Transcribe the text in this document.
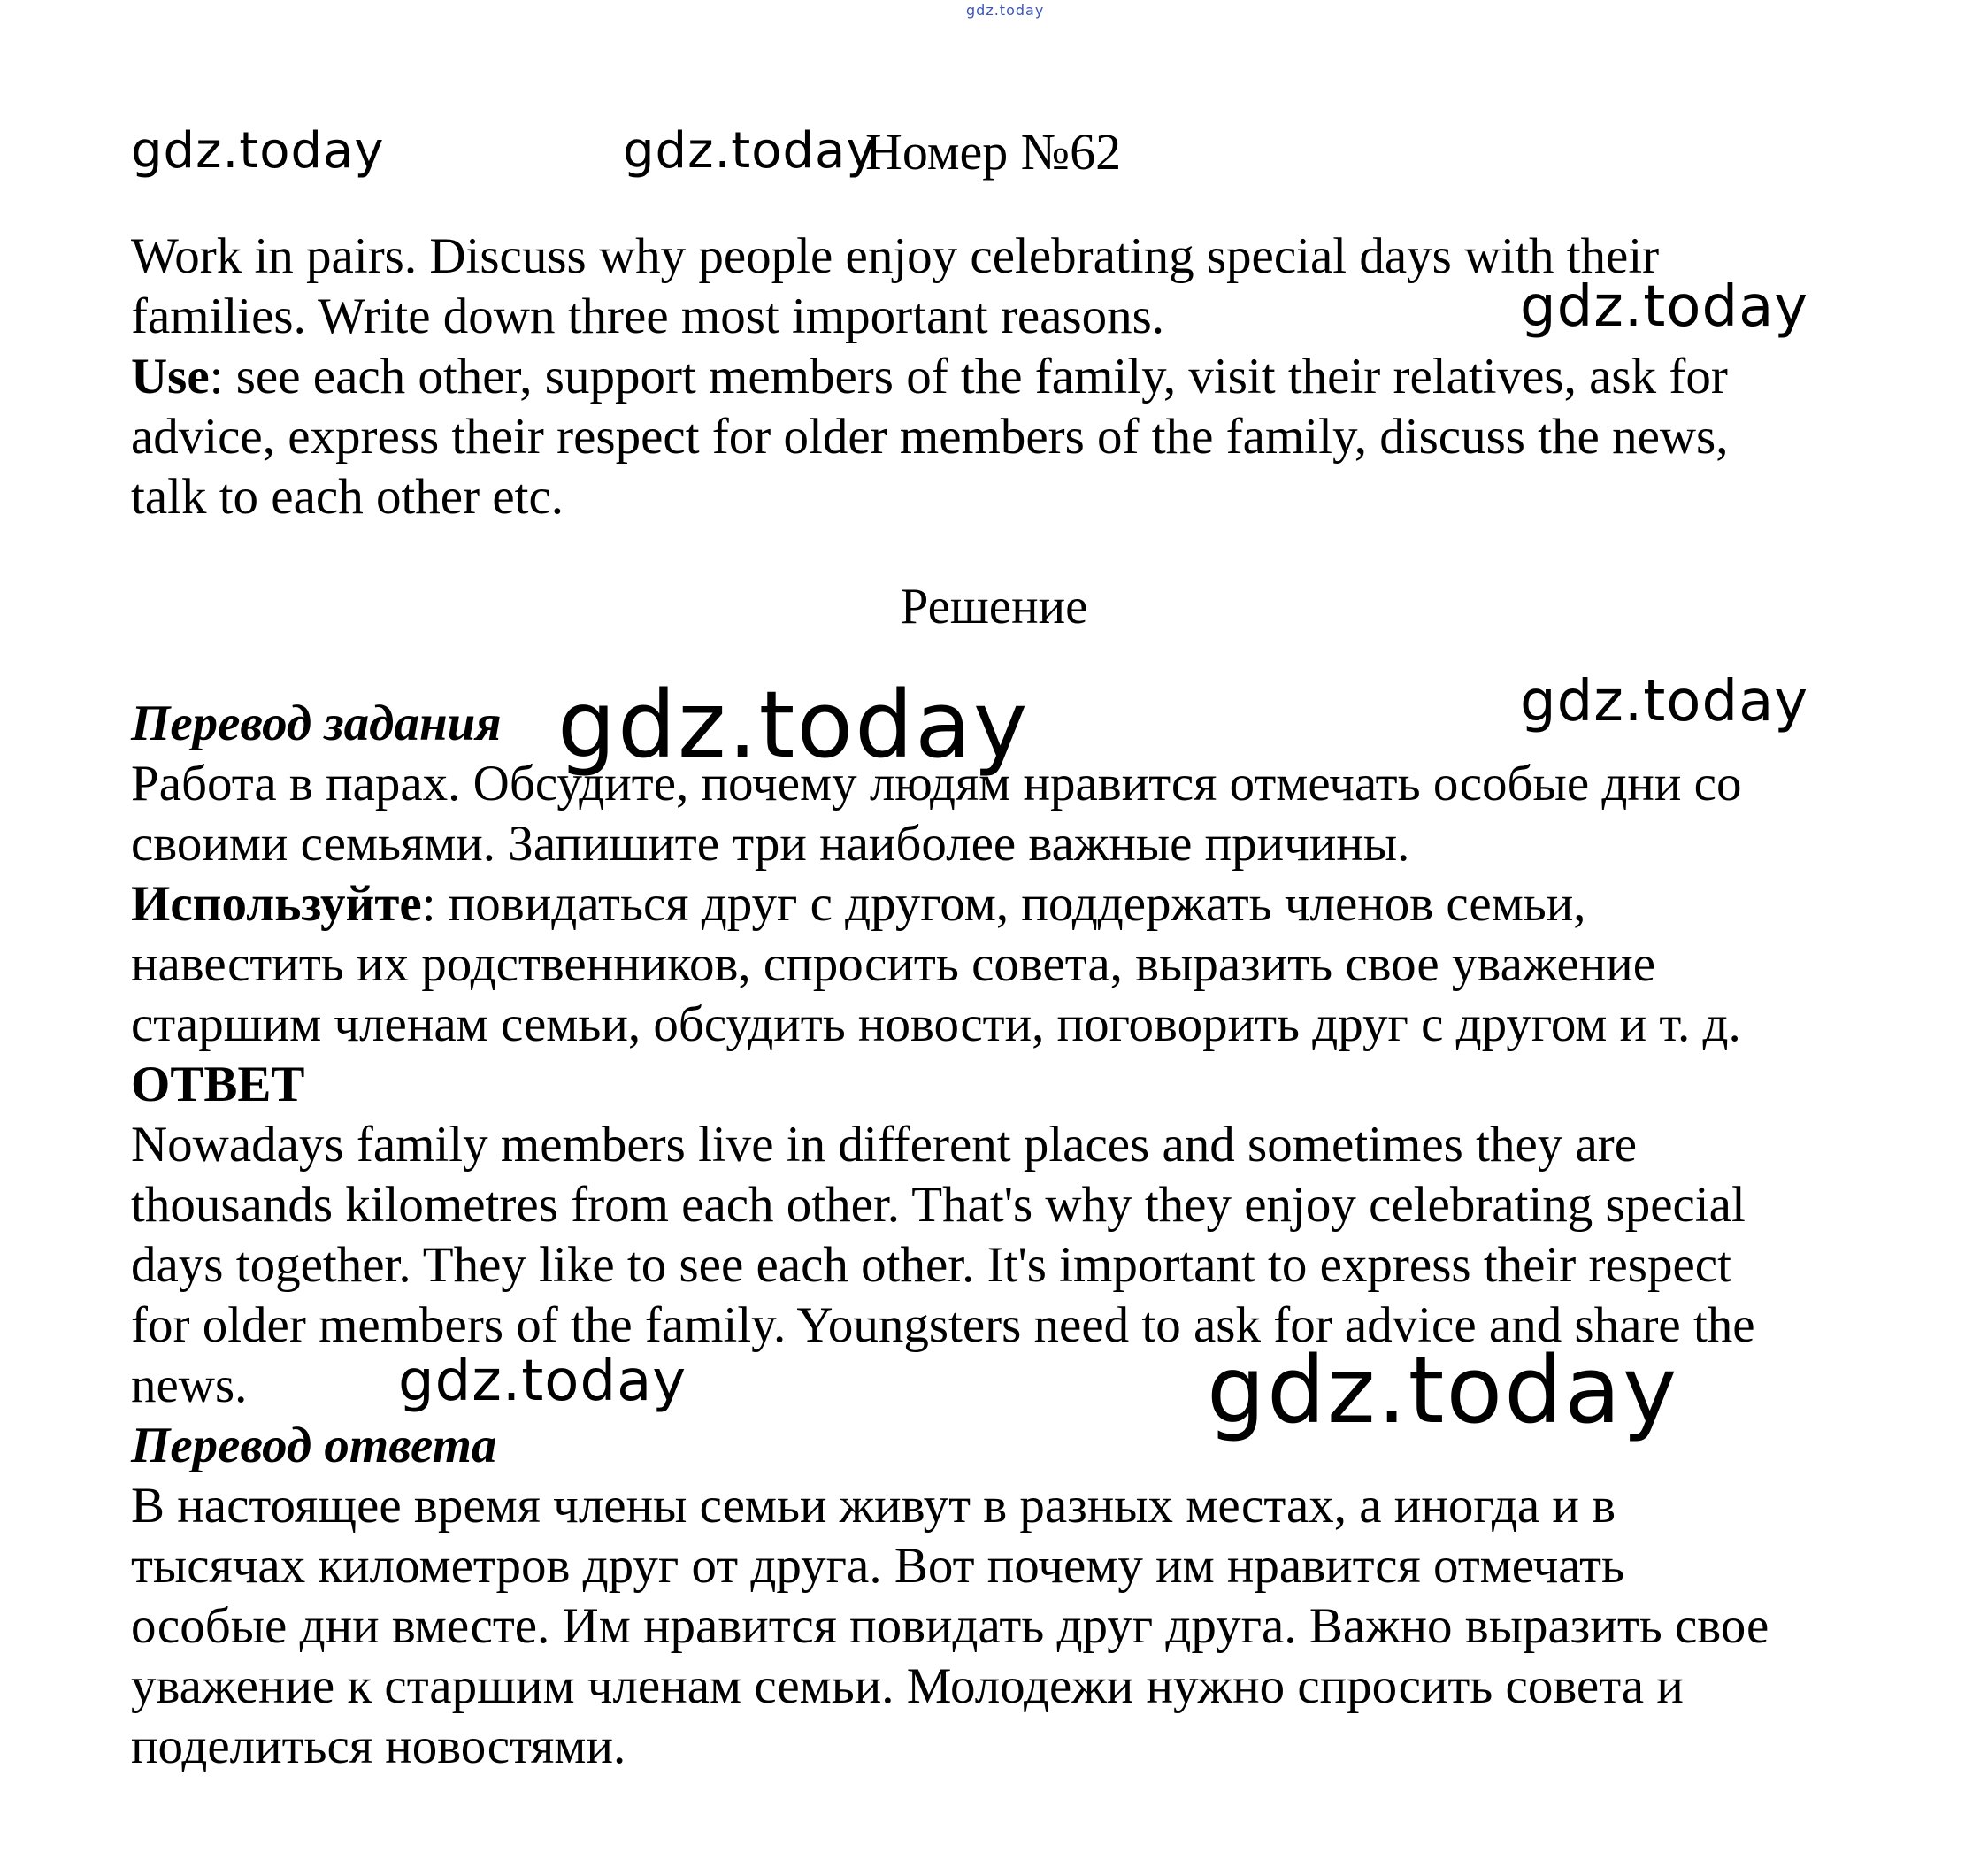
gdz.today
gdz.today	gdz.today
gdz.today
gdz.today	gdz.today
gdz.today	gdz.today
Номер №62
Work in pairs. Discuss why people enjoy celebrating special days with their
families. Write down three most important reasons.
Use: see each other, support members of the family, visit their relatives, ask for
advice, express their respect for older members of the family, discuss the news,
talk to each other etc.
Решение
Перевод задания
Работа в парах. Обсудите, почему людям нравится отмечать особые дни со
своими семьями. Запишите три наиболее важные причины.
Используйте: повидаться друг с другом, поддержать членов семьи,
навестить их родственников, спросить совета, выразить свое уважение
старшим членам семьи, обсудить новости, поговорить друг с другом и т. д.
ОТВЕТ
Nowadays family members live in different places and sometimes they are
thousands kilometres from each other. That's why they enjoy celebrating special
days together. They like to see each other. It's important to express their respect
for older members of the family. Youngsters need to ask for advice and share the
news.
Перевод ответа
В настоящее время члены семьи живут в разных местах, а иногда и в
тысячах километров друг от друга. Вот почему им нравится отмечать
особые дни вместе. Им нравится повидать друг друга. Важно выразить свое
уважение к старшим членам семьи. Молодежи нужно спросить совета и
поделиться новостями.
